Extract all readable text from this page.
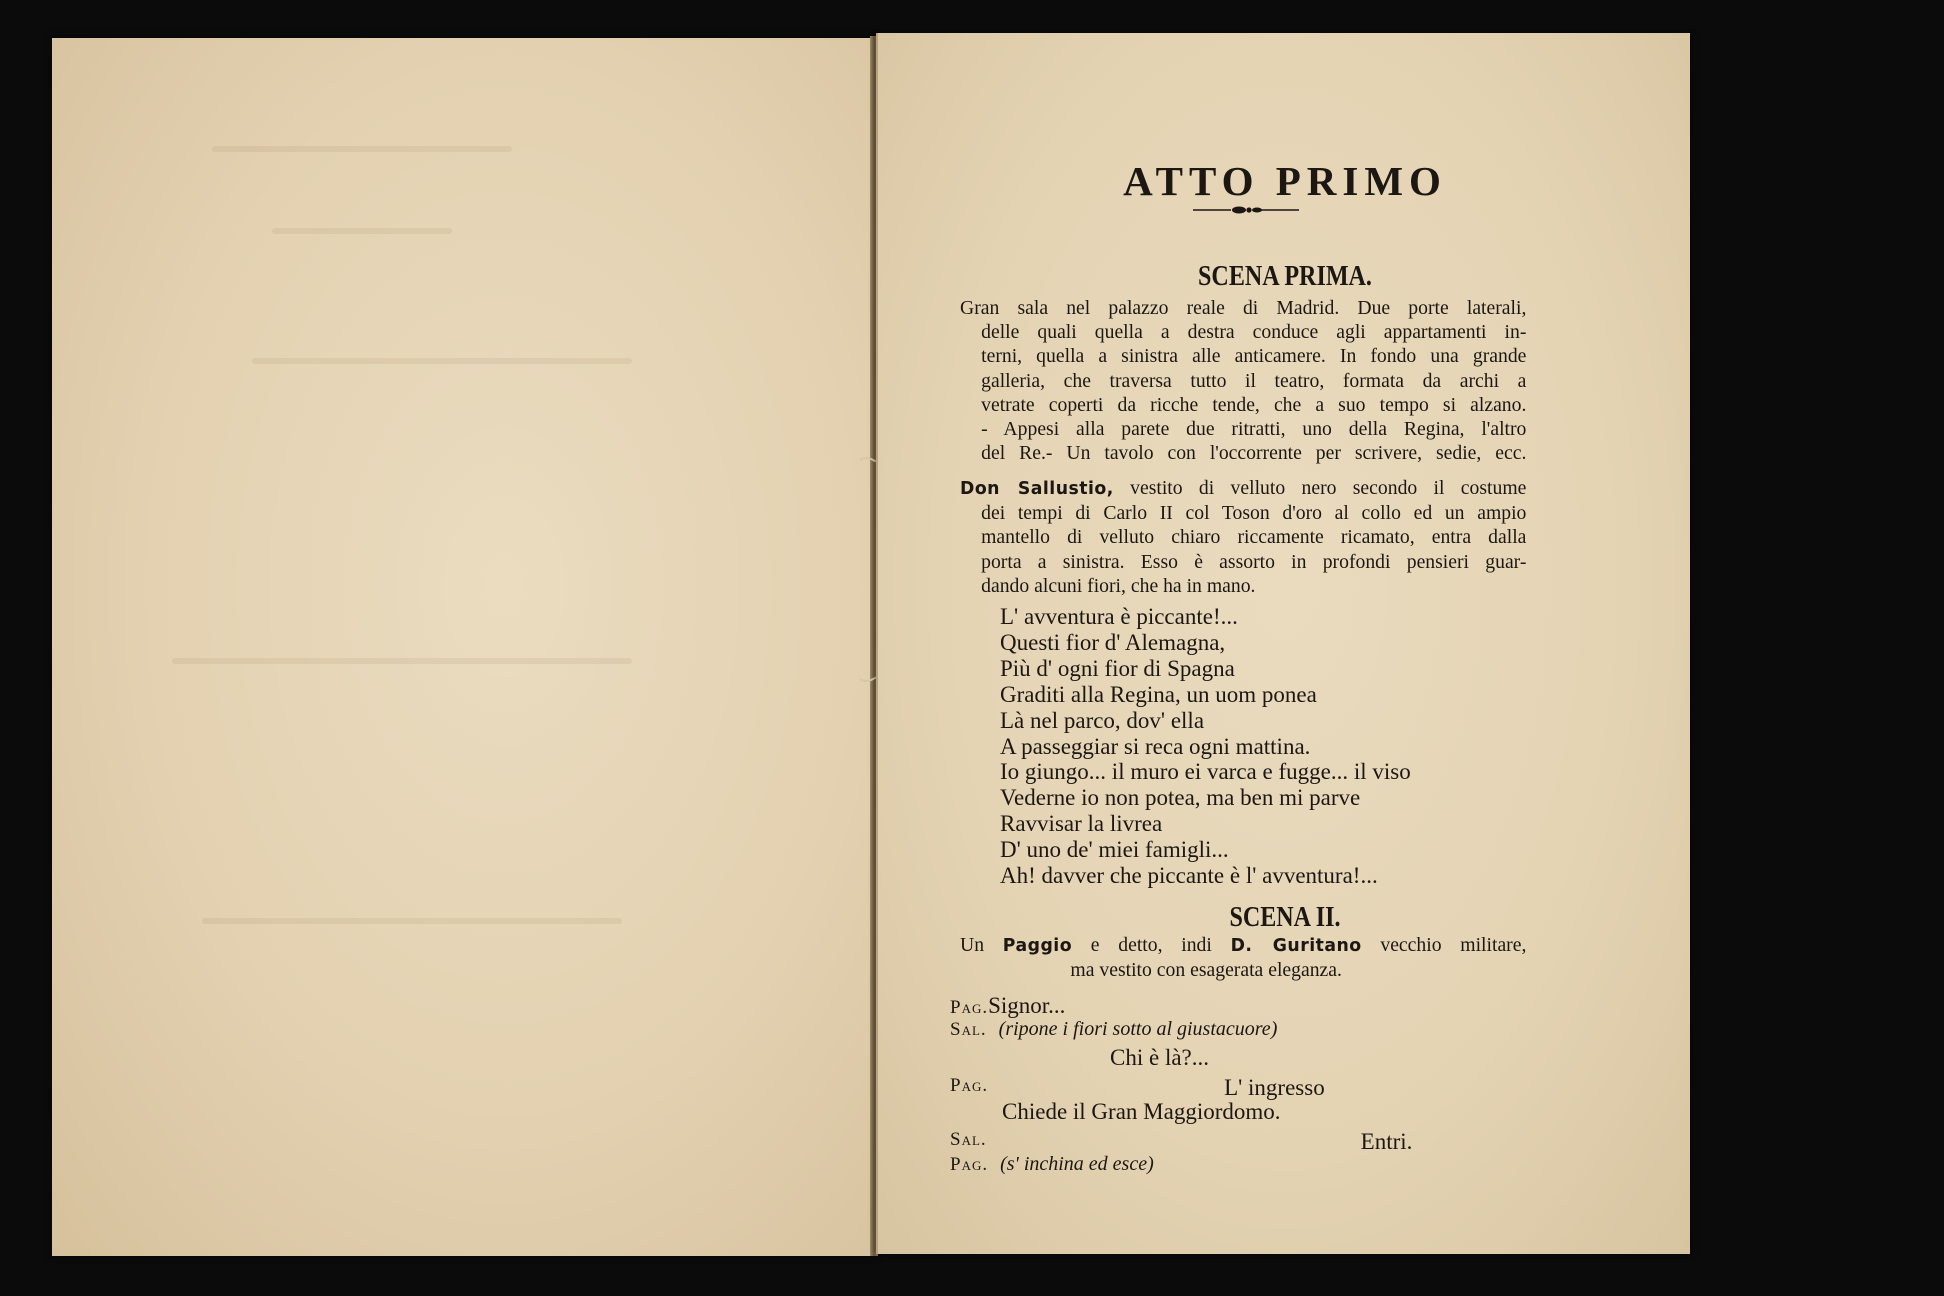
ATTO PRIMO
SCENA PRIMA.
Gran sala nel palazzo reale di Madrid. Due porte laterali,
delle quali quella a destra conduce agli appartamenti in-
terni, quella a sinistra alle anticamere. In fondo una grande
galleria, che traversa tutto il teatro, formata da archi a
vetrate coperti da ricche tende, che a suo tempo si alzano.
- Appesi alla parete due ritratti, uno della Regina, l'altro
del Re.- Un tavolo con l'occorrente per scrivere, sedie, ecc.
Don Sallustio, vestito di velluto nero secondo il costume
dei tempi di Carlo II col Toson d'oro al collo ed un ampio
mantello di velluto chiaro riccamente ricamato, entra dalla
porta a sinistra. Esso è assorto in profondi pensieri guar-
dando alcuni fiori, che ha in mano.
L' avventura è piccante!...
Questi fior d' Alemagna,
Più d' ogni fior di Spagna
Graditi alla Regina, un uom ponea
Là nel parco, dov' ella
A passeggiar si reca ogni mattina.
Io giungo... il muro ei varca e fugge... il viso
Vederne io non potea, ma ben mi parve
Ravvisar la livrea
D' uno de' miei famigli...
Ah! davver che piccante è l' avventura!...
SCENA II.
Un Paggio e detto, indi D. Guritano vecchio militare,
ma vestito con esagerata eleganza.
Pag.Signor...
Sal. (ripone i fiori sotto al giustacuore)
Chi è là?...
Pag.	L' ingresso
Chiede il Gran Maggiordomo.
Sal.	Entri.
Pag. (s' inchina ed esce)
